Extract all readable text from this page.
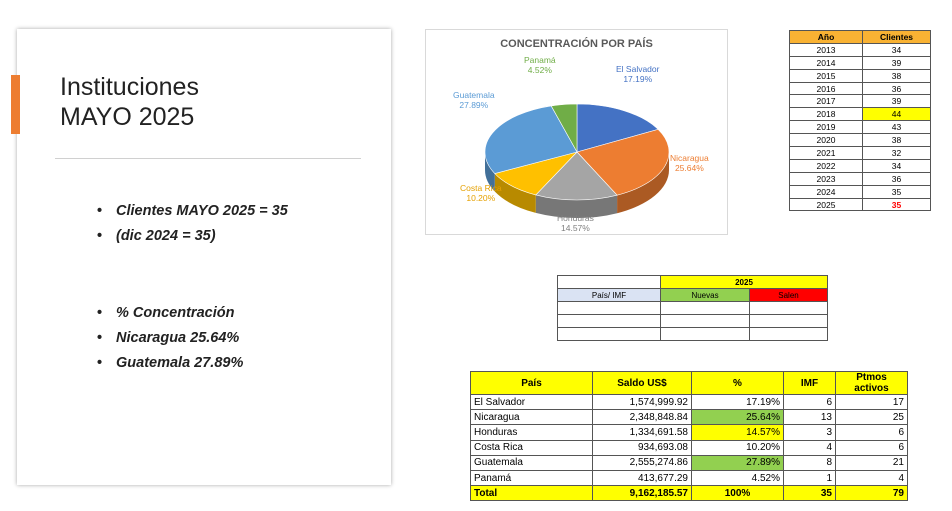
Instituciones
MAYO 2025
• Clientes MAYO 2025 = 35
• (dic 2024 = 35)
• % Concentración
• Nicaragua 25.64%
• Guatemala 27.89%
CONCENTRACIÓN POR PAÍS
Panamá
4.52%	El Salvador
17.19%
Nicaragua
25.64%
Honduras
14.57%
Costa Rica
10.20%
Guatemala
27.89%
Año	Clientes
2013	34
2014	39
2015	38
2016	36
2017	39
2018	44
2019	43
2020	38
2021	32
2022	34
2023	36
2024	35
2025	35
	2025	
País/ IMF	Nuevas	Salen

País	Saldo US$	%	IMF	Ptmos activos
El Salvador	1,574,999.92	17.19%	6	17
Nicaragua	2,348,848.84	25.64%	13	25
Honduras	1,334,691.58	14.57%	3	6
Costa Rica	934,693.08	10.20%	4	6
Guatemala	2,555,274.86	27.89%	8	21
Panamá	413,677.29	4.52%	1	4
Total	9,162,185.57	100%	35	79
